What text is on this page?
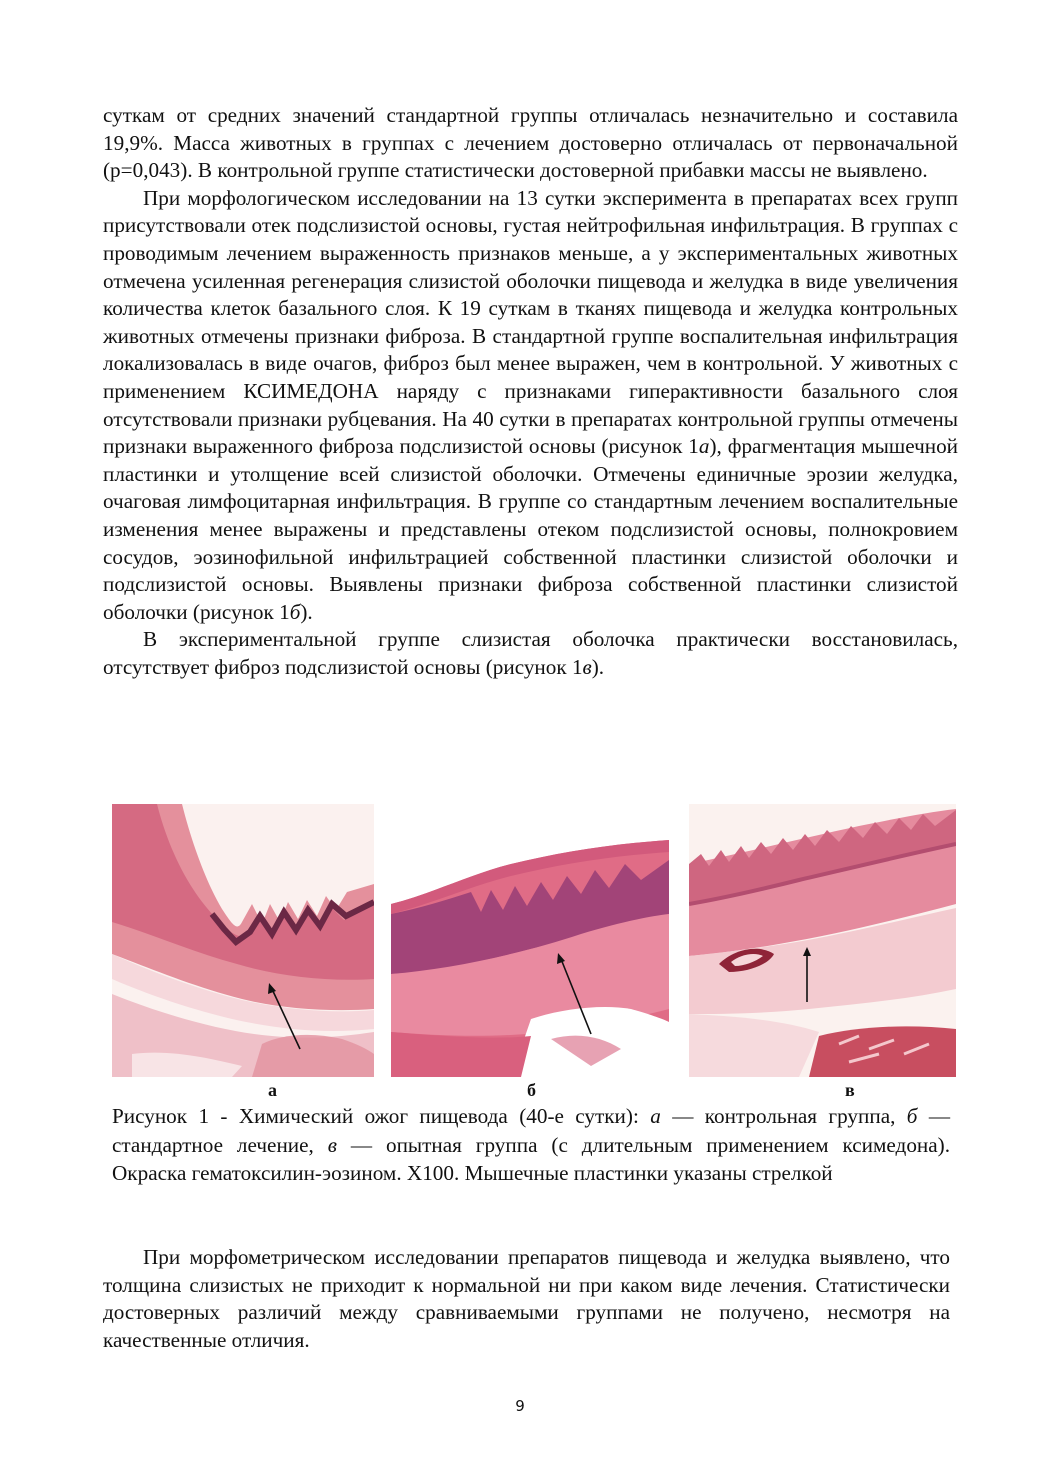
суткам от средних значений стандартной группы отличалась незначительно и составила 19,9%. Масса животных в группах с лечением достоверно отличалась от первоначальной (р=0,043). В контрольной группе статистически достоверной прибавки массы не выявлено.

При морфологическом исследовании на 13 сутки эксперимента в препаратах всех групп присутствовали отек подслизистой основы, густая нейтрофильная инфильтрация. В группах с проводимым лечением выраженность признаков меньше, а у экспериментальных животных отмечена усиленная регенерация слизистой оболочки пищевода и желудка в виде увеличения количества клеток базального слоя. К 19 суткам в тканях пищевода и желудка контрольных животных отмечены признаки фиброза. В стандартной группе воспалительная инфильтрация локализовалась в виде очагов, фиброз был менее выражен, чем в контрольной. У животных с применением КСИМЕДОНА наряду с признаками гиперактивности базального слоя отсутствовали признаки рубцевания. На 40 сутки в препаратах контрольной группы отмечены признаки выраженного фиброза подслизистой основы (рисунок 1а), фрагментация мышечной пластинки и утолщение всей слизистой оболочки. Отмечены единичные эрозии желудка, очаговая лимфоцитарная инфильтрация. В группе со стандартным лечением воспалительные изменения менее выражены и представлены отеком подслизистой основы, полнокровием сосудов, эозинофильной инфильтрацией собственной пластинки слизистой оболочки и подслизистой основы. Выявлены признаки фиброза собственной пластинки слизистой оболочки (рисунок 1б).

В экспериментальной группе слизистая оболочка практически восстановилась, отсутствует фиброз подслизистой основы (рисунок 1в).

а	б	в

Рисунок 1 - Химический ожог пищевода (40-е сутки): а — контрольная группа, б — стандартное лечение, в — опытная группа (с длительным применением ксимедона). Окраска гематоксилин-эозином. Х100. Мышечные пластинки указаны стрелкой

При морфометрическом исследовании препаратов пищевода и желудка выявлено, что толщина слизистых не приходит к нормальной ни при каком виде лечения. Статистически достоверных различий между сравниваемыми группами не получено, несмотря на качественные отличия.

9
